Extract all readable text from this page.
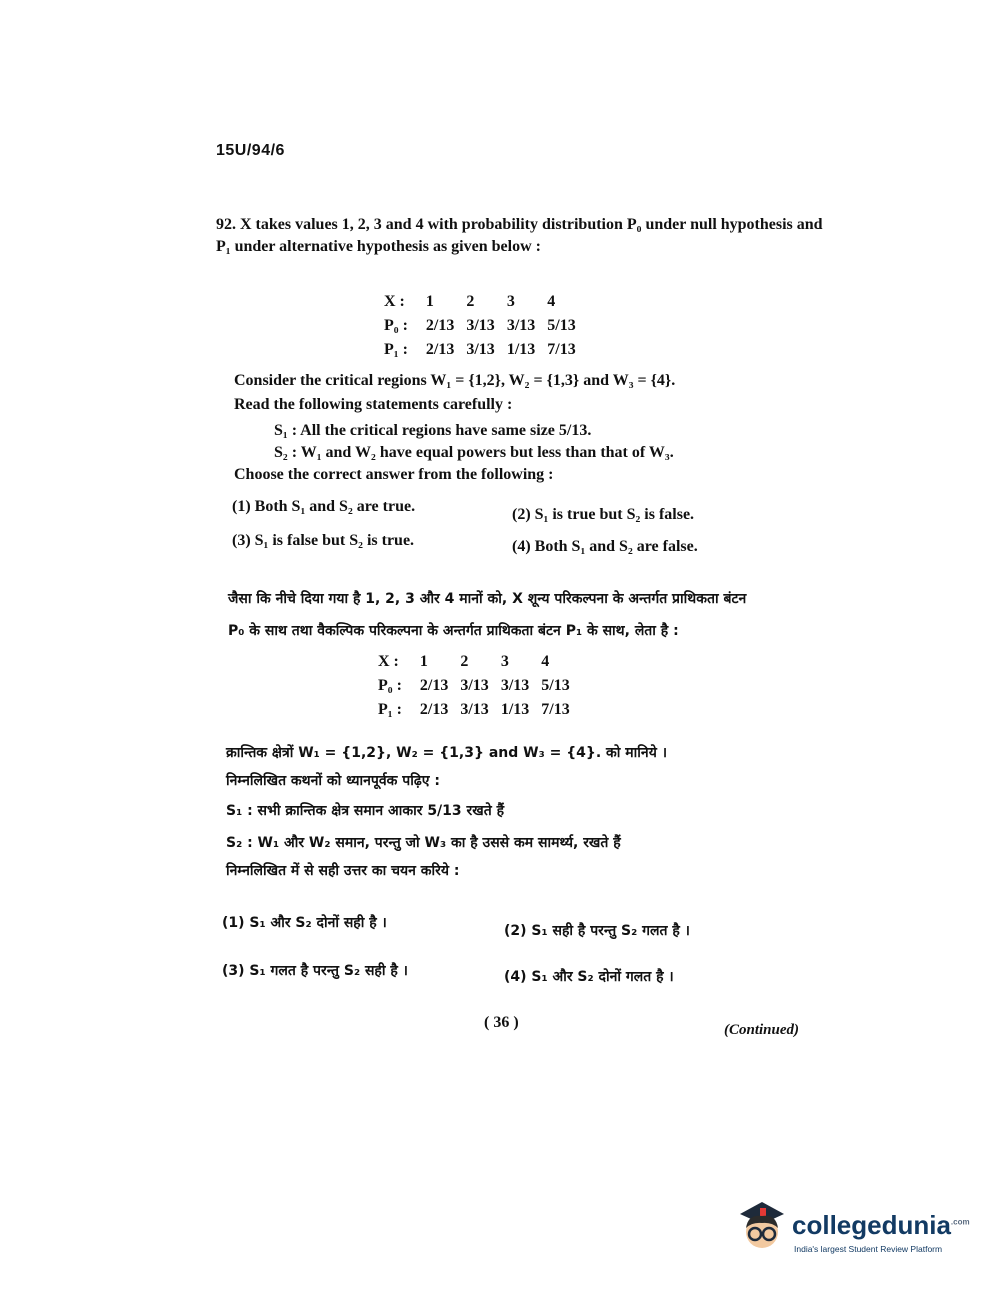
15U/94/6
92. X takes values 1, 2, 3 and 4 with probability distribution P₀ under null hypothesis and P₁ under alternative hypothesis as given below :
X :	1	2	3	4
P₀ :	2/13	3/13	3/13	5/13
P₁ :	2/13	3/13	1/13	7/13
Consider the critical regions W₁ = {1,2}, W₂ = {1,3} and W₃ = {4}.
Read the following statements carefully :
S₁ : All the critical regions have same size 5/13.
S₂ : W₁ and W₂ have equal powers but less than that of W₃.
Choose the correct answer from the following :
(1) Both S₁ and S₂ are true.	(2) S₁ is true but S₂ is false.
(3) S₁ is false but S₂ is true.	(4) Both S₁ and S₂ are false.
जैसा कि नीचे दिया गया है 1, 2, 3 और 4 मानों को, X शून्य परिकल्पना के अन्तर्गत प्राथिकता बंटन
P₀ के साथ तथा वैकल्पिक परिकल्पना के अन्तर्गत प्राथिकता बंटन P₁ के साथ, लेता है :
X :	1	2	3	4
P₀ :	2/13	3/13	3/13	5/13
P₁ :	2/13	3/13	1/13	7/13
क्रान्तिक क्षेत्रों W₁ = {1,2}, W₂ = {1,3} and W₃ = {4}. को मानिये ।
निम्नलिखित कथनों को ध्यानपूर्वक पढ़िए :
S₁ : सभी क्रान्तिक क्षेत्र समान आकार 5/13 रखते हैं
S₂ : W₁ और W₂ समान, परन्तु जो W₃ का है उससे कम सामर्थ्य, रखते हैं
निम्नलिखित में से सही उत्तर का चयन करिये :
(1) S₁ और S₂ दोनों सही है ।	(2) S₁ सही है परन्तु S₂ गलत है ।
(3) S₁ गलत है परन्तु S₂ सही है ।	(4) S₁ और S₂ दोनों गलत है ।
( 36 )	(Continued)
collegedunia$^{.com}$
India's largest Student Review Platform
